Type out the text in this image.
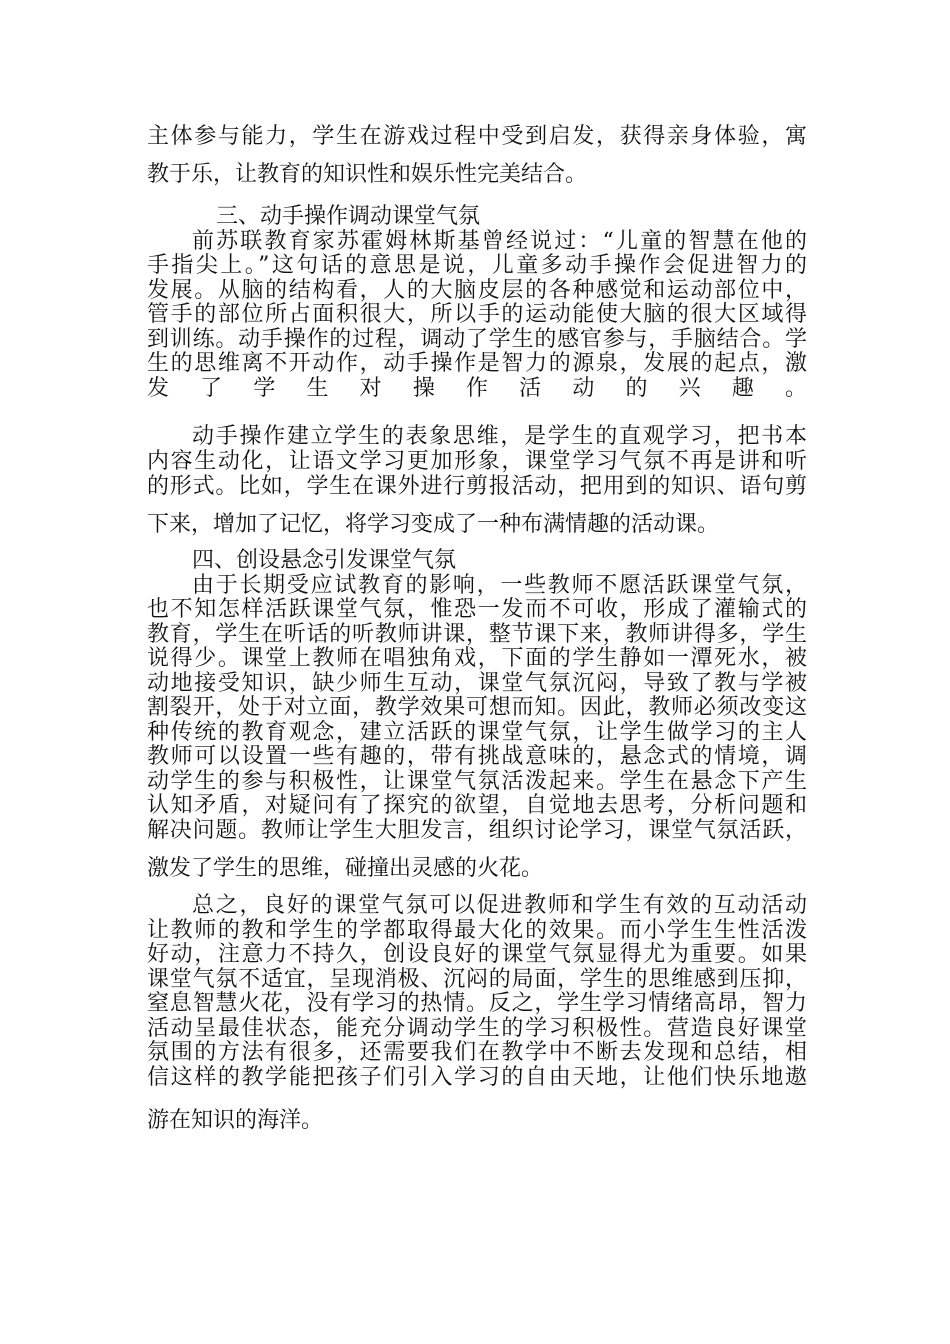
主体参与能力，学生在游戏过程中受到启发，获得亲身体验，寓
教于乐，让教育的知识性和娱乐性完美结合。
三、动手操作调动课堂气氛
前苏联教育家苏霍姆林斯基曾经说过：“儿童的智慧在他的
手指尖上。”这句话的意思是说，儿童多动手操作会促进智力的
发展。从脑的结构看，人的大脑皮层的各种感觉和运动部位中，
管手的部位所占面积很大，所以手的运动能使大脑的很大区域得
到训练。动手操作的过程，调动了学生的感官参与，手脑结合。学
生的思维离不开动作，动手操作是智力的源泉，发展的起点，激
发了学生对操作活动的兴趣。
动手操作建立学生的表象思维，是学生的直观学习，把书本
内容生动化，让语文学习更加形象，课堂学习气氛不再是讲和听
的形式。比如，学生在课外进行剪报活动，把用到的知识、语句剪
下来，增加了记忆，将学习变成了一种布满情趣的活动课。
四、创设悬念引发课堂气氛
由于长期受应试教育的影响，一些教师不愿活跃课堂气氛，
也不知怎样活跃课堂气氛，惟恐一发而不可收，形成了灌输式的
教育，学生在听话的听教师讲课，整节课下来，教师讲得多，学生
说得少。课堂上教师在唱独角戏，下面的学生静如一潭死水，被
动地接受知识，缺少师生互动，课堂气氛沉闷，导致了教与学被
割裂开，处于对立面，教学效果可想而知。因此，教师必须改变这
种传统的教育观念，建立活跃的课堂气氛，让学生做学习的主人
教师可以设置一些有趣的，带有挑战意味的，悬念式的情境，调
动学生的参与积极性，让课堂气氛活泼起来。学生在悬念下产生
认知矛盾，对疑问有了探究的欲望，自觉地去思考，分析问题和
解决问题。教师让学生大胆发言，组织讨论学习，课堂气氛活跃，
激发了学生的思维，碰撞出灵感的火花。
总之，良好的课堂气氛可以促进教师和学生有效的互动活动
让教师的教和学生的学都取得最大化的效果。而小学生生性活泼
好动，注意力不持久，创设良好的课堂气氛显得尤为重要。如果
课堂气氛不适宜，呈现消极、沉闷的局面，学生的思维感到压抑，
窒息智慧火花，没有学习的热情。反之，学生学习情绪高昂，智力
活动呈最佳状态，能充分调动学生的学习积极性。营造良好课堂
氛围的方法有很多，还需要我们在教学中不断去发现和总结，相
信这样的教学能把孩子们引入学习的自由天地，让他们快乐地遨
游在知识的海洋。
